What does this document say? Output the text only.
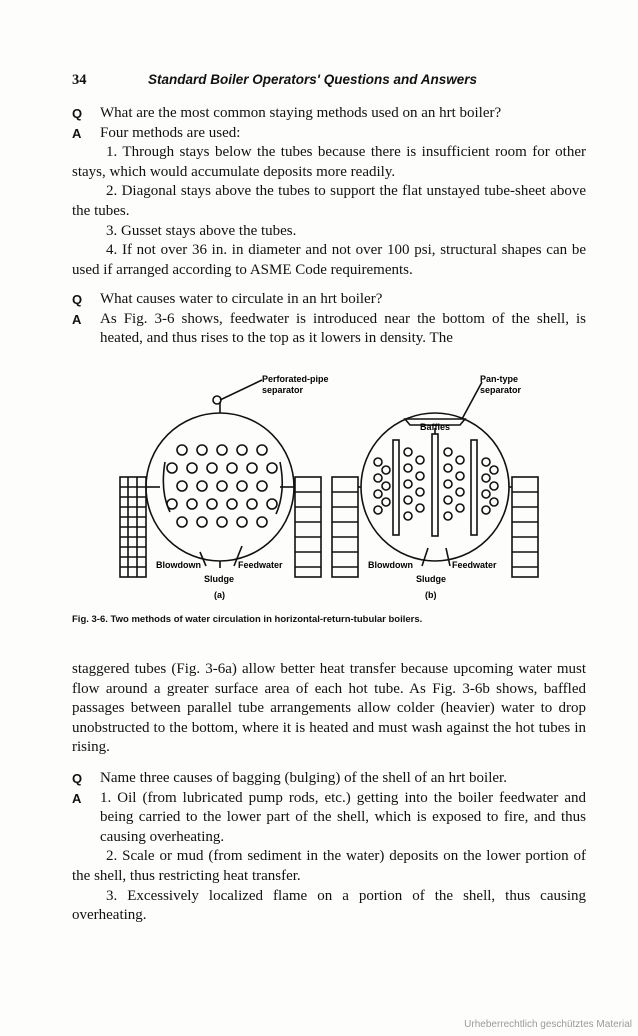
34	Standard Boiler Operators' Questions and Answers
Q	What are the most common staying methods used on an hrt boiler?
A	Four methods are used:
1. Through stays below the tubes because there is insufficient room for other stays, which would accumulate deposits more readily.
2. Diagonal stays above the tubes to support the flat unstayed tube-sheet above the tubes.
3. Gusset stays above the tubes.
4. If not over 36 in. in diameter and not over 100 psi, structural shapes can be used if arranged according to ASME Code requirements.
Q	What causes water to circulate in an hrt boiler?
A	As Fig. 3-6 shows, feedwater is introduced near the bottom of the shell, is heated, and thus rises to the top as it lowers in density. The
Perforated-pipe
separator
Pan-type
separator
Baffles
Blowdown	Feedwater
Sludge
(a)
Blowdown	Feedwater
Sludge
(b)
Fig. 3-6. Two methods of water circulation in horizontal-return-tubular boilers.
staggered tubes (Fig. 3-6a) allow better heat transfer because upcoming water must flow around a greater surface area of each hot tube. As Fig. 3-6b shows, baffled passages between parallel tube arrangements allow colder (heavier) water to drop unobstructed to the bottom, where it is heated and must wash against the hot tubes in rising.
Q	Name three causes of bagging (bulging) of the shell of an hrt boiler.
A	1. Oil (from lubricated pump rods, etc.) getting into the boiler feedwater and being carried to the lower part of the shell, which is exposed to fire, and thus causing overheating.
2. Scale or mud (from sediment in the water) deposits on the lower portion of the shell, thus restricting heat transfer.
3. Excessively localized flame on a portion of the shell, thus causing overheating.
Urheberrechtlich geschütztes Material
